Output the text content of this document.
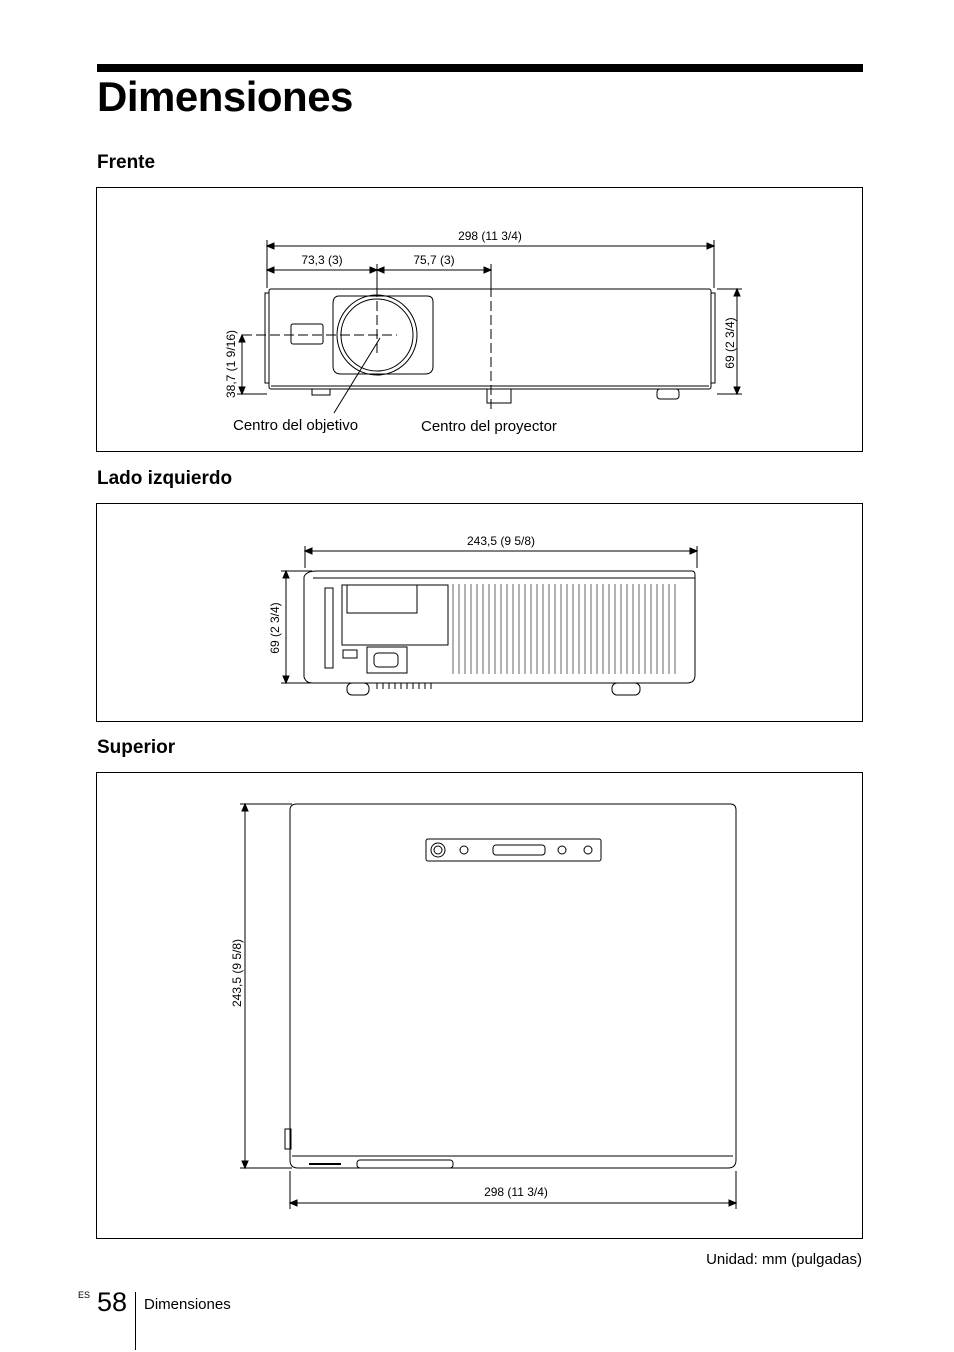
Dimensiones
Frente
298 (11 3/4)
73,3 (3)	75,7 (3)
69 (2 3/4)
38,7 (1 9/16)
Centro del objetivo	Centro del proyector
Lado izquierdo
243,5 (9 5/8)
69 (2 3/4)
Superior
243,5 (9 5/8)
298 (11 3/4)
Unidad: mm (pulgadas)
ES 58 Dimensiones
